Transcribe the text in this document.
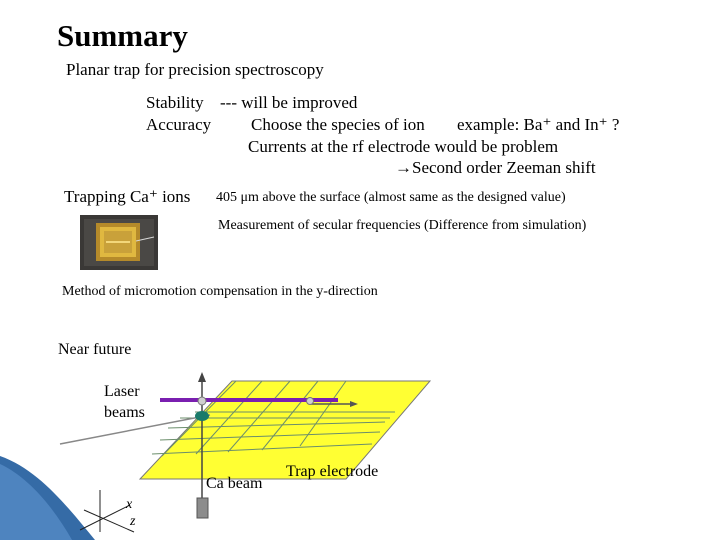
Summary
Planar trap for precision spectroscopy
Stability --- will be improved
Accuracy Choose the species of ion example: Ba⁺ and In⁺ ?
Currents at the rf electrode would be problem
→Second order Zeeman shift
Trapping Ca⁺ ions 405 μm above the surface (almost same as the designed value)
Measurement of secular frequencies (Difference from simulation)
Method of micromotion compensation in the y-direction
Near future
Laser
beams
Ca beam
Trap electrode
x
z
